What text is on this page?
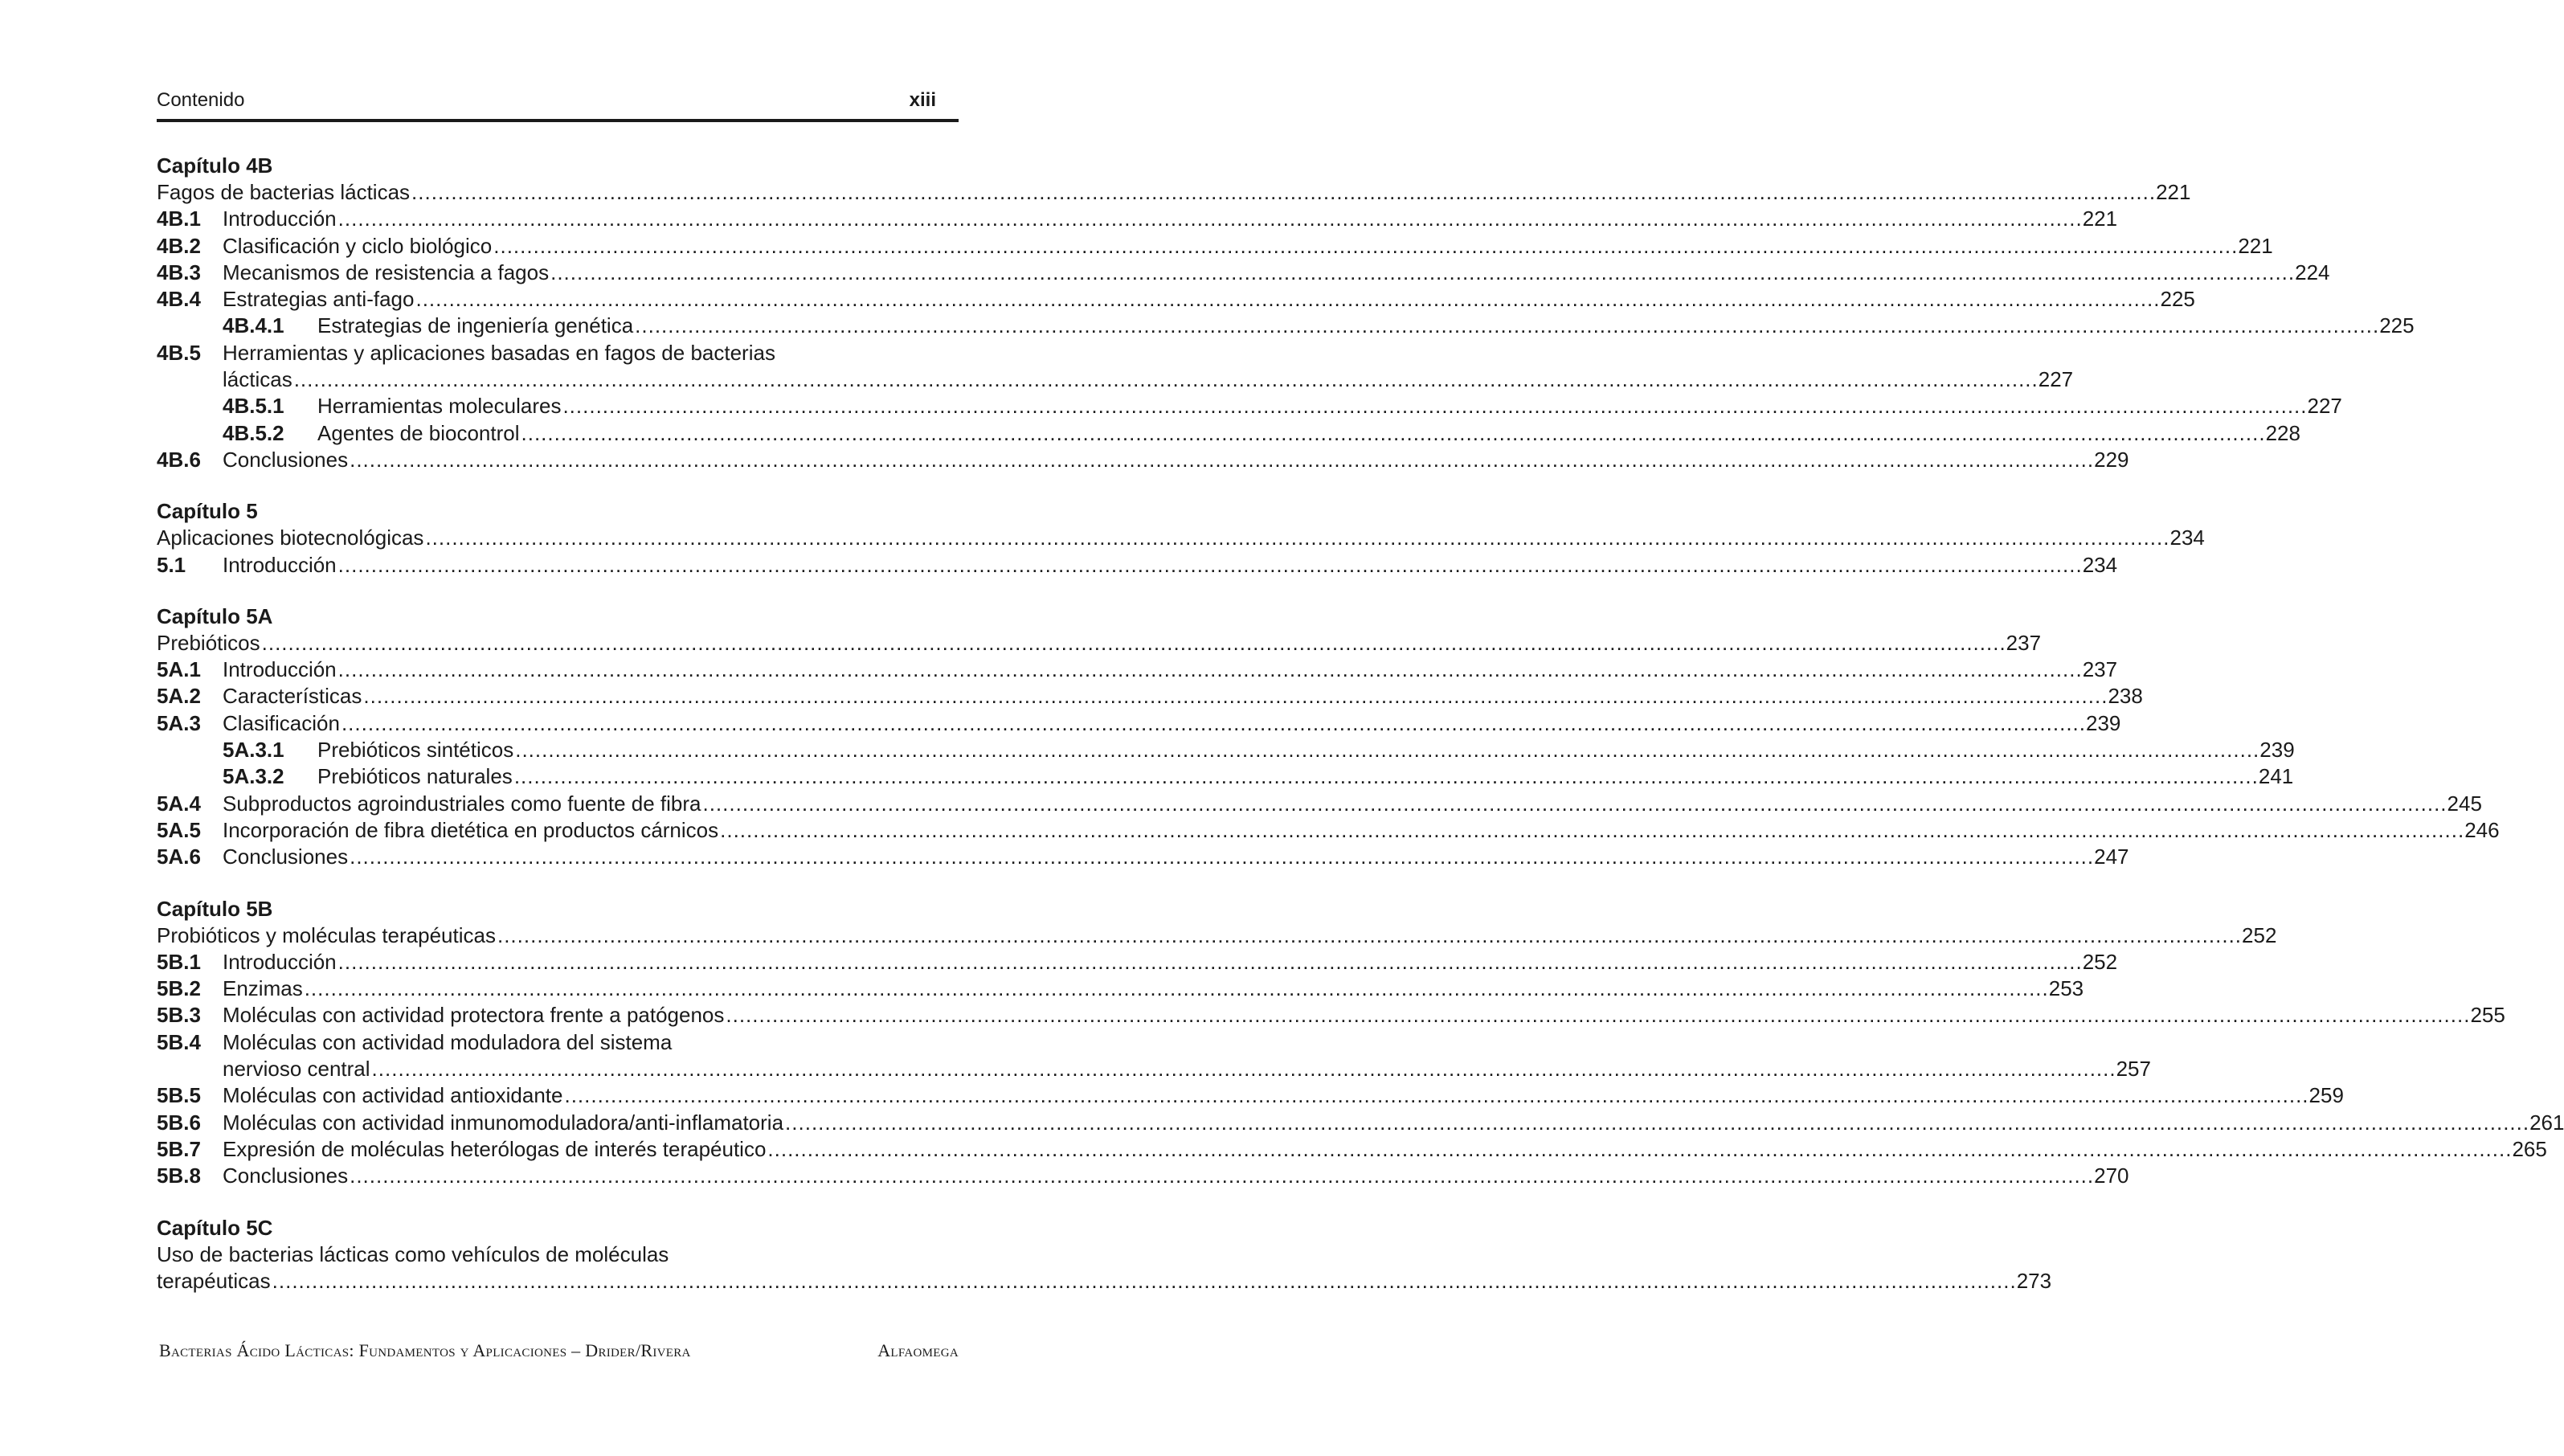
Contenido	xiii
Capítulo 4B
Fagos de bacterias lácticas .....	221
4B.1	Introducción .....	221
4B.2	Clasificación y ciclo biológico .....	221
4B.3	Mecanismos de resistencia a fagos .....	224
4B.4	Estrategias anti-fago .....	225
4B.4.1	Estrategias de ingeniería genética .....	225
4B.5	Herramientas y aplicaciones basadas en fagos de bacterias
lácticas .....	227
4B.5.1	Herramientas moleculares .....	227
4B.5.2	Agentes de biocontrol .....	228
4B.6	Conclusiones .....	229
Capítulo 5
Aplicaciones biotecnológicas .....	234
5.1	Introducción .....	234
Capítulo 5A
Prebióticos .....	237
5A.1	Introducción .....	237
5A.2	Características .....	238
5A.3	Clasificación .....	239
5A.3.1	Prebióticos sintéticos .....	239
5A.3.2	Prebióticos naturales .....	241
5A.4	Subproductos agroindustriales como fuente de fibra .....	245
5A.5	Incorporación de fibra dietética en productos cárnicos .....	246
5A.6	Conclusiones .....	247
Capítulo 5B
Probióticos y moléculas terapéuticas .....	252
5B.1	Introducción .....	252
5B.2	Enzimas .....	253
5B.3	Moléculas con actividad protectora frente a patógenos .....	255
5B.4	Moléculas con actividad moduladora del sistema
nervioso central .....	257
5B.5	Moléculas con actividad antioxidante .....	259
5B.6	Moléculas con actividad inmunomoduladora/anti-inflamatoria .....	261
5B.7	Expresión de moléculas heterólogas de interés terapéutico .....	265
5B.8	Conclusiones .....	270
Capítulo 5C
Uso de bacterias lácticas como vehículos de moléculas
terapéuticas .....	273
Bacterias Ácido Lácticas: Fundamentos y Aplicaciones – Drider/Rivera	Alfaomega
